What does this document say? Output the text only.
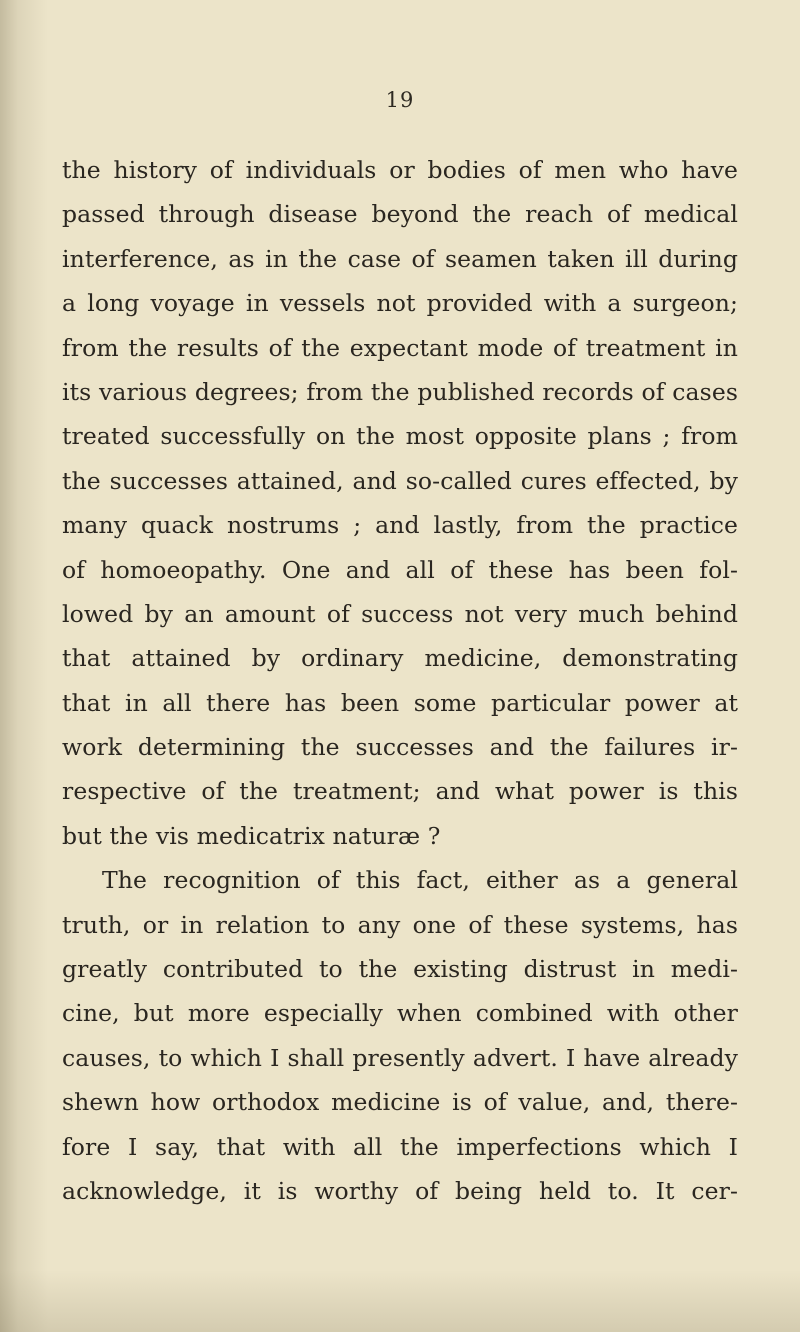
19
the history of individuals or bodies of men who have
passed through disease beyond the reach of medical
interference, as in the case of seamen taken ill during
a long voyage in vessels not provided with a surgeon;
from the results of the expectant mode of treatment in
its various degrees; from the published records of cases
treated successfully on the most opposite plans ; from
the successes attained, and so-called cures effected, by
many quack nostrums ; and lastly, from the practice
of homoeopathy. One and all of these has been fol-
lowed by an amount of success not very much behind
that attained by ordinary medicine, demonstrating
that in all there has been some particular power at
work determining the successes and the failures ir-
respective of the treatment; and what power is this
but the vis medicatrix naturæ ?
The recognition of this fact, either as a general
truth, or in relation to any one of these systems, has
greatly contributed to the existing distrust in medi-
cine, but more especially when combined with other
causes, to which I shall presently advert. I have already
shewn how orthodox medicine is of value, and, there-
fore I say, that with all the imperfections which I
acknowledge, it is worthy of being held to. It cer-
